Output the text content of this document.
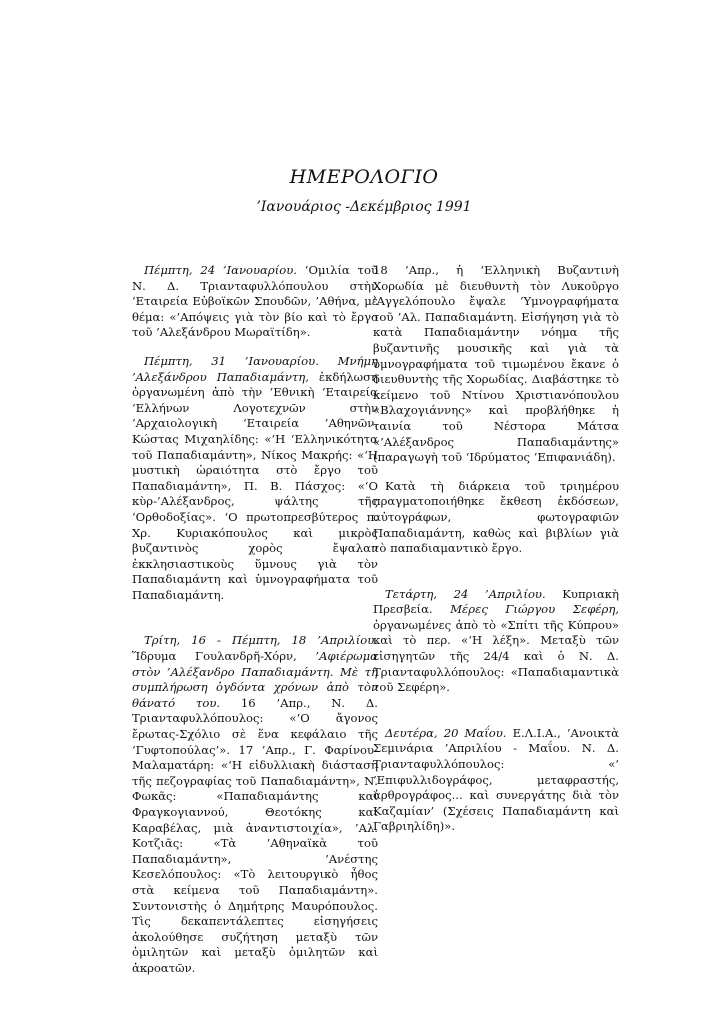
ΗΜΕΡΟΛΟΓΙΟ
’Ιανουάριος -Δεκέμβριος 1991

Πέμπτη, 24 ’Ιανουαρίου. ‘Ομιλία τοῦ Ν. Δ. Τριανταφυλλόπουλου στὴν ‘Εταιρεία Εὐβοϊκῶν Σπουδῶν, ’Αθήνα, μὲ θέμα: «’Απόψεις γιὰ τὸν βίο καὶ τὸ ἔργο τοῦ ’Αλεξάνδρου Μωραϊτίδη».

Πέμπτη, 31 ’Ιανουαρίου. Μνήμη ’Αλεξάνδρου Παπαδιαμάντη, ἐκδήλωση ὀργανωμένη ἀπὸ τὴν ’Εθνικὴ ‘Εταιρεία ‘Ελλήνων Λογοτεχνῶν στὴν ‘Αρχαιολογικὴ ‘Εταιρεία ’Αθηνῶν. Κώστας Μιχαηλίδης: «‘Η ‘Ελληνικότητα τοῦ Παπαδιαμάντη», Νίκος Μακρής: «‘Η μυστικὴ ὡραιότητα στὸ ἔργο τοῦ Παπαδιαμάντη», Π. Β. Πάσχος: «‘Ο κὺρ-’Αλέξανδρος, ψάλτης τῆς ‘Ορθοδοξίας». ‘Ο πρωτοπρεσβύτερος π. Χρ. Κυριακόπουλος καὶ μικρὸς βυζαντινὸς χορὸς ἔψαλαν ἐκκλησιαστικοὺς ὕμνους γιὰ τὸν Παπαδιαμάντη καὶ ὑμνογραφήματα τοῦ Παπαδιαμάντη.

Τρίτη, 16 - Πέμπτη, 18 ’Απριλίου. Ἵδρυμα Γουλανδρῆ-Χόρν, ’Αφιέρωμα στὸν ’Αλέξανδρο Παπαδιαμάντη. Μὲ τὴ συμπλήρωση ὀγδόντα χρόνων ἀπὸ τὸν θάνατό του. 16 ’Απρ., Ν. Δ. Τριανταφυλλόπουλος: «‘Ο ἄγονος ἔρωτας-Σχόλιο σὲ ἕνα κεφάλαιο τῆς ‘Γυφτοπούλας’». 17 ’Απρ., Γ. Φαρίνου-Μαλαματάρη: «‘Η εἰδυλλιακὴ διάσταση τῆς πεζογραφίας τοῦ Παπαδιαμάντη», Ν. Φωκᾶς: «Παπαδιαμάντης καὶ Φραγκογιαννού, Θεοτόκης καὶ Καραβέλας, μιὰ ἀναντιστοιχία», ’Αλ. Κοτζιᾶς: «Τὰ ’Αθηναϊκὰ τοῦ Παπαδιαμάντη», ’Ανέστης Κεσελόπουλος: «Τὸ λειτουργικὸ ἦθος στὰ κείμενα τοῦ Παπαδιαμάντη». Συντονιστὴς ὁ Δημήτρης Μαυρόπουλος. Τὶς δεκαπεντάλεπτες εἰσηγήσεις ἀκολούθησε συζήτηση μεταξὺ τῶν ὁμιλητῶν καὶ μεταξὺ ὁμιλητῶν καὶ ἀκροατῶν.

18 ’Απρ., ἡ ‘Ελληνικὴ Βυζαντινὴ Χορωδία μὲ διευθυντὴ τὸν Λυκοῦργο ’Αγγελόπουλο ἔψαλε ‘Υμνογραφήματα τοῦ ’Αλ. Παπαδιαμάντη. Εἰσήγηση γιὰ τὸ κατὰ Παπαδιαμάντην νόημα τῆς βυζαντινῆς μουσικῆς καὶ γιὰ τὰ ὑμνογραφήματα τοῦ τιμωμένου ἔκανε ὁ διευθυντὴς τῆς Χορωδίας. Διαβάστηκε τὸ κείμενο τοῦ Ντίνου Χριστιανόπουλου «Βλαχογιάννης» καὶ προβλήθηκε ἡ ταινία τοῦ Νέστορα Μάτσα «’Αλέξανδρος Παπαδιαμάντης» (παραγωγὴ τοῦ ‘Ιδρύματος ’Επιφανιάδη).

Κατὰ τὴ διάρκεια τοῦ τριημέρου πραγματοποιήθηκε ἔκθεση ἐκδόσεων, αὐτογράφων, φωτογραφιῶν Παπαδιαμάντη, καθὼς καὶ βιβλίων γιὰ τὸ παπαδιαμαντικὸ ἔργο.

Τετάρτη, 24 ’Απριλίου. Κυπριακὴ Πρεσβεία. Μέρες Γιώργου Σεφέρη, ὀργανωμένες ἀπὸ τὸ «Σπίτι τῆς Κύπρου» καὶ τὸ περ. «‘Η λέξη». Μεταξὺ τῶν εἰσηγητῶν τῆς 24/4 καὶ ὁ Ν. Δ. Τριανταφυλλόπουλος: «Παπαδιαμαντικὰ τοῦ Σεφέρη».

Δευτέρα, 20 Μαΐου. Ε.Λ.Ι.Α., ’Ανοικτὰ Σεμινάρια ’Απριλίου - Μαΐου. Ν. Δ. Τριανταφυλλόπουλος: «‘ ’Επιφυλλιδογράφος, μεταφραστής, ἀρθρογράφος... καὶ συνεργάτης διὰ τὸν Καζαμίαν’ (Σχέσεις Παπαδιαμάντη καὶ Γαβριηλίδη)».
